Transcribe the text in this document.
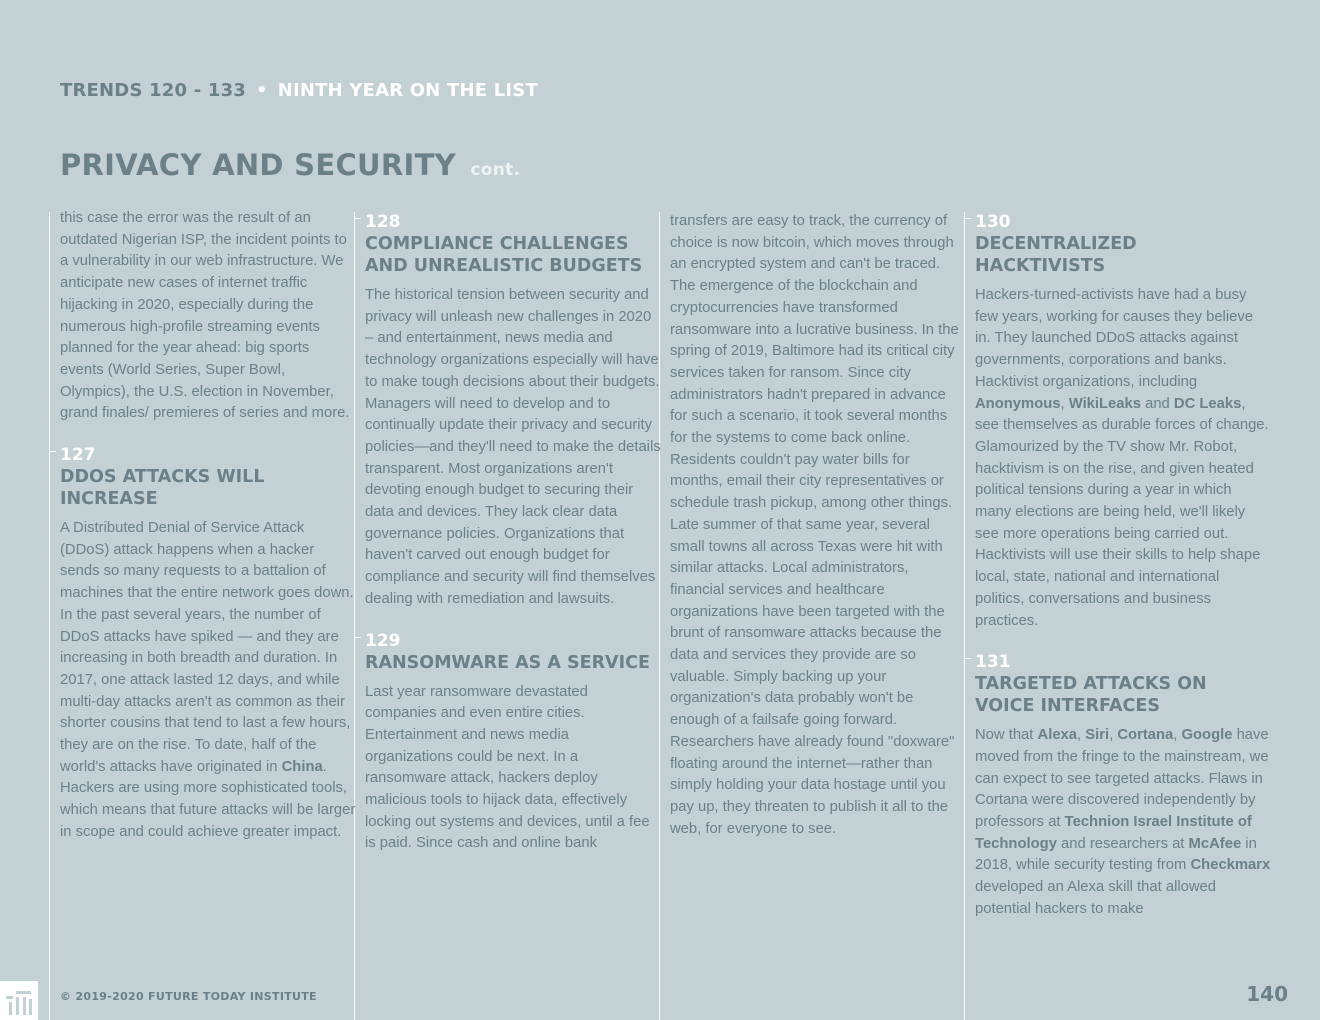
TRENDS 120 - 133 • NINTH YEAR ON THE LIST
PRIVACY AND SECURITY cont.

this case the error was the result of an outdated Nigerian ISP, the incident points to a vulnerability in our web infrastructure. We anticipate new cases of internet traffic hijacking in 2020, especially during the numerous high-profile streaming events planned for the year ahead: big sports events (World Series, Super Bowl, Olympics), the U.S. election in November, grand finales/ premieres of series and more.

127
DDOS ATTACKS WILL INCREASE

A Distributed Denial of Service Attack (DDoS) attack happens when a hacker sends so many requests to a battalion of machines that the entire network goes down. In the past several years, the number of DDoS attacks have spiked — and they are increasing in both breadth and duration. In 2017, one attack lasted 12 days, and while multi-day attacks aren't as common as their shorter cousins that tend to last a few hours, they are on the rise. To date, half of the world's attacks have originated in China. Hackers are using more sophisticated tools, which means that future attacks will be larger in scope and could achieve greater impact.

128
COMPLIANCE CHALLENGES AND UNREALISTIC BUDGETS

The historical tension between security and privacy will unleash new challenges in 2020 – and entertainment, news media and technology organizations especially will have to make tough decisions about their budgets. Managers will need to develop and to continually update their privacy and security policies—and they'll need to make the details transparent. Most organizations aren't devoting enough budget to securing their data and devices. They lack clear data governance policies. Organizations that haven't carved out enough budget for compliance and security will find themselves dealing with remediation and lawsuits.

129
RANSOMWARE AS A SERVICE

Last year ransomware devastated companies and even entire cities. Entertainment and news media organizations could be next. In a ransomware attack, hackers deploy malicious tools to hijack data, effectively locking out systems and devices, until a fee is paid. Since cash and online bank

transfers are easy to track, the currency of choice is now bitcoin, which moves through an encrypted system and can't be traced. The emergence of the blockchain and cryptocurrencies have transformed ransomware into a lucrative business. In the spring of 2019, Baltimore had its critical city services taken for ransom. Since city administrators hadn't prepared in advance for such a scenario, it took several months for the systems to come back online. Residents couldn't pay water bills for months, email their city representatives or schedule trash pickup, among other things. Late summer of that same year, several small towns all across Texas were hit with similar attacks. Local administrators, financial services and healthcare organizations have been targeted with the brunt of ransomware attacks because the data and services they provide are so valuable. Simply backing up your organization's data probably won't be enough of a failsafe going forward. Researchers have already found "doxware" floating around the internet—rather than simply holding your data hostage until you pay up, they threaten to publish it all to the web, for everyone to see.

130
DECENTRALIZED HACKTIVISTS

Hackers-turned-activists have had a busy few years, working for causes they believe in. They launched DDoS attacks against governments, corporations and banks. Hacktivist organizations, including Anonymous, WikiLeaks and DC Leaks, see themselves as durable forces of change. Glamourized by the TV show Mr. Robot, hacktivism is on the rise, and given heated political tensions during a year in which many elections are being held, we'll likely see more operations being carried out. Hacktivists will use their skills to help shape local, state, national and international politics, conversations and business practices.

131
TARGETED ATTACKS ON VOICE INTERFACES

Now that Alexa, Siri, Cortana, Google have moved from the fringe to the mainstream, we can expect to see targeted attacks. Flaws in Cortana were discovered independently by professors at Technion Israel Institute of Technology and researchers at McAfee in 2018, while security testing from Checkmarx developed an Alexa skill that allowed potential hackers to make

© 2019-2020 FUTURE TODAY INSTITUTE	140
